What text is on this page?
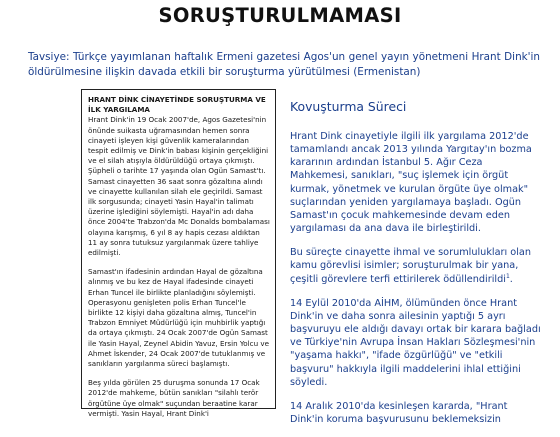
SORUŞTURULMAMASI
Tavsiye: Türkçe yayımlanan haftalık Ermeni gazetesi Agos'un genel yayın yönetmeni Hrant Dink'in öldürülmesine ilişkin davada etkili bir soruşturma yürütülmesi (Ermenistan)
HRANT DİNK CİNAYETİNDE SORUŞTURMA VE İLK YARGILAMA

Hrant Dink'in 19 Ocak 2007'de, Agos Gazetesi'nin önünde suikasta uğramasından hemen sonra cinayeti işleyen kişi güvenlik kameralarından tespit edilmiş ve Dink'in babası kişinin gerçekliğini ve el silah atışıyla öldürüldüğü ortaya çıkmıştı. Şüpheli o tarihte 17 yaşında olan Ogün Samast'tı. Samast cinayetten 36 saat sonra gözaltına alındı ve cinayette kullanılan silah ele geçirildi. Samast ilk sorgusunda; cinayeti Yasin Hayal'in talimatı üzerine işlediğini söylemişti. Hayal'in adı daha önce 2004'te Trabzon'da Mc Donalds bombalaması olayına karışmış, 6 yıl 8 ay hapis cezası aldıktan 11 ay sonra tutuksuz yargılanmak üzere tahliye edilmişti.

Samast'ın ifadesinin ardından Hayal de gözaltına alınmış ve bu kez de Hayal ifadesinde cinayeti Erhan Tuncel ile birlikte planladığını söylemişti. Operasyonu genişleten polis Erhan Tuncel'le birlikte 12 kişiyi daha gözaltına almış, Tuncel'in Trabzon Emniyet Müdürlüğü için muhbirlik yaptığı da ortaya çıkmıştı. 24 Ocak 2007'de Ogün Samast ile Yasin Hayal, Zeynel Abidin Yavuz, Ersin Yolcu ve Ahmet İskender, 24 Ocak 2007'de tutuklanmış ve sanıkların yargılanma süreci başlamıştı.

Beş yılda görülen 25 duruşma sonunda 17 Ocak 2012'de mahkeme, bütün sanıkları "silahlı terör örgütüne üye olmak" suçundan beraatine karar vermişti. Yasin Hayal, Hrant Dink'i

Kovuşturma Süreci

Hrant Dink cinayetiyle ilgili ilk yargılama 2012'de tamamlandı ancak 2013 yılında Yargıtay'ın bozma kararının ardından İstanbul 5. Ağır Ceza Mahkemesi, sanıkları, "suç işlemek için örgüt kurmak, yönetmek ve kurulan örgüte üye olmak" suçlarından yeniden yargılamaya başladı. Ogün Samast'ın çocuk mahkemesinde devam eden yargılaması da ana dava ile birleştirildi.

Bu süreçte cinayette ihmal ve sorumlulukları olan kamu görevlisi isimler; soruşturulmak bir yana, çeşitli görevlere terfi ettirilerek ödüllendirildi$^1$.

14 Eylül 2010'da AİHM, ölümünden önce Hrant Dink'in ve daha sonra ailesinin yaptığı 5 ayrı başvuruyu ele aldığı davayı ortak bir karara bağladı ve Türkiye'nin Avrupa İnsan Hakları Sözleşmesi'nin "yaşama hakkı", "ifade özgürlüğü" ve "etkili başvuru" hakkıyla ilgili maddelerini ihlal ettiğini söyledi.

14 Aralık 2010'da kesinleşen kararda, "Hrant Dink'in koruma başvurusunu beklemeksizin
